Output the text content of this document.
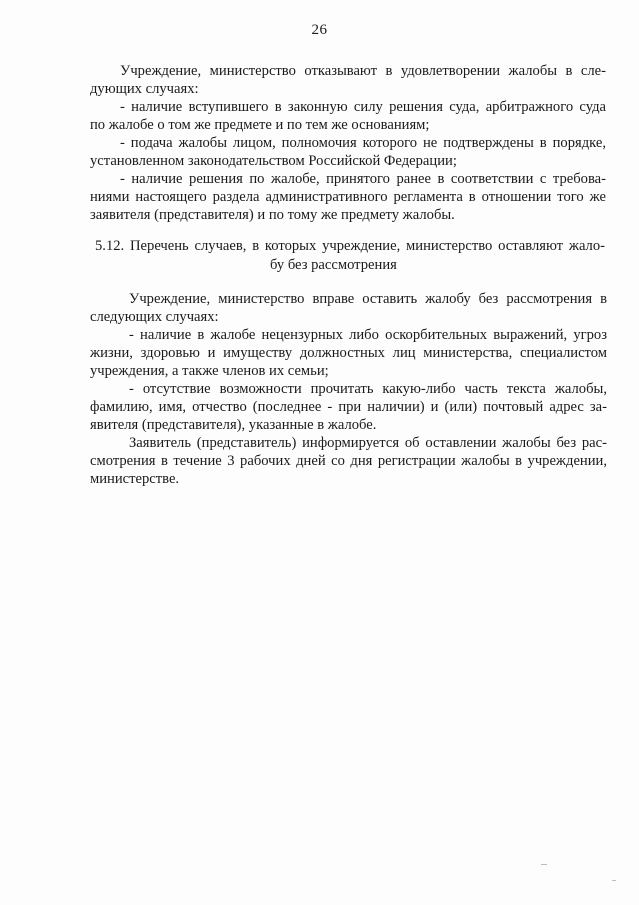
26
Учреждение, министерство отказывают в удовлетворении жалобы в сле-
дующих случаях:
- наличие вступившего в законную силу решения суда, арбитражного суда
по жалобе о том же предмете и по тем же основаниям;
- подача жалобы лицом, полномочия которого не подтверждены в порядке,
установленном законодательством Российской Федерации;
- наличие решения по жалобе, принятого ранее в соответствии с требова-
ниями настоящего раздела административного регламента в отношении того же
заявителя (представителя) и по тому же предмету жалобы.
5.12. Перечень случаев, в которых учреждение, министерство оставляют жало-
бу без рассмотрения
Учреждение, министерство вправе оставить жалобу без рассмотрения в
следующих случаях:
- наличие в жалобе нецензурных либо оскорбительных выражений, угроз
жизни, здоровью и имуществу должностных лиц министерства, специалистом
учреждения, а также членов их семьи;
- отсутствие возможности прочитать какую-либо часть текста жалобы,
фамилию, имя, отчество (последнее - при наличии) и (или) почтовый адрес за-
явителя (представителя), указанные в жалобе.
Заявитель (представитель) информируется об оставлении жалобы без рас-
смотрения в течение 3 рабочих дней со дня регистрации жалобы в учреждении,
министерстве.
